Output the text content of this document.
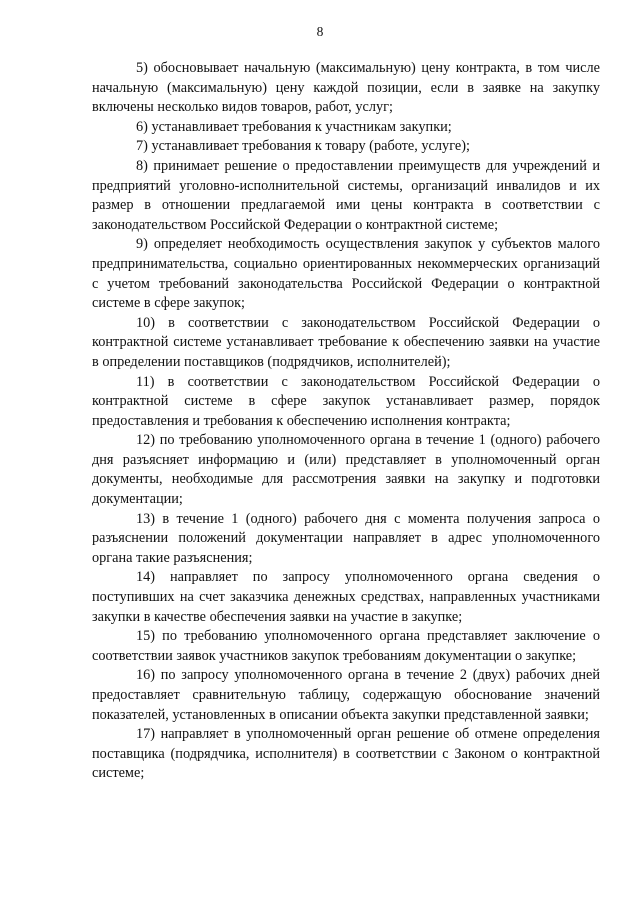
8

5) обосновывает начальную (максимальную) цену контракта, в том числе начальную (максимальную) цену каждой позиции, если в заявке на закупку включены несколько видов товаров, работ, услуг;

6) устанавливает требования к участникам закупки;

7) устанавливает требования к товару (работе, услуге);

8) принимает решение о предоставлении преимуществ для учреждений и предприятий уголовно-исполнительной системы, организаций инвалидов и их размер в отношении предлагаемой ими цены контракта в соответствии с законодательством Российской Федерации о контрактной системе;

9) определяет необходимость осуществления закупок у субъектов малого предпринимательства, социально ориентированных некоммерческих организаций с учетом требований законодательства Российской Федерации о контрактной системе в сфере закупок;

10) в соответствии с законодательством Российской Федерации о контрактной системе устанавливает требование к обеспечению заявки на участие в определении поставщиков (подрядчиков, исполнителей);

11) в соответствии с законодательством Российской Федерации о контрактной системе в сфере закупок устанавливает размер, порядок предоставления и требования к обеспечению исполнения контракта;

12) по требованию уполномоченного органа в течение 1 (одного) рабочего дня разъясняет информацию и (или) представляет в уполномоченный орган документы, необходимые для рассмотрения заявки на закупку и подготовки документации;

13) в течение 1 (одного) рабочего дня с момента получения запроса о разъяснении положений документации направляет в адрес уполномоченного органа такие разъяснения;

14) направляет по запросу уполномоченного органа сведения о поступивших на счет заказчика денежных средствах, направленных участниками закупки в качестве обеспечения заявки на участие в закупке;

15) по требованию уполномоченного органа представляет заключение о соответствии заявок участников закупок требованиям документации о закупке;

16) по запросу уполномоченного органа в течение 2 (двух) рабочих дней предоставляет сравнительную таблицу, содержащую обоснование значений показателей, установленных в описании объекта закупки представленной заявки;

17) направляет в уполномоченный орган решение об отмене определения поставщика (подрядчика, исполнителя) в соответствии с Законом о контрактной системе;
